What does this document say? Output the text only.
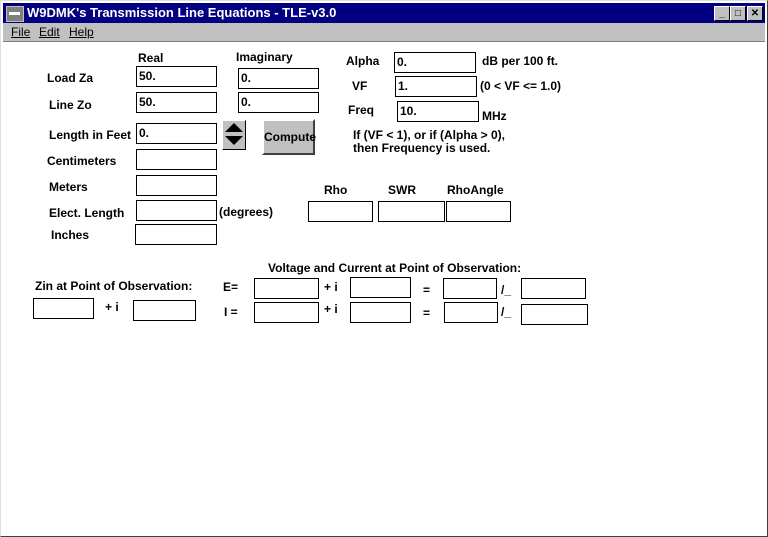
W9DMK's Transmission Line Equations - TLE-v3.0	_	□ ✕
File Edit Help
Real	Imaginary
Load Za	50.	0.
Line Zo	50.	0.
Length in Feet 0.	Compute
Centimeters
Meters
Elect. Length	(degrees)
Inches
Alpha 0.	dB per 100 ft.
VF	1.	(0 < VF <= 1.0)
Freq 10.	MHz
If (VF < 1), or if (Alpha > 0),
then Frequency is used.
Rho	SWR	RhoAngle
Voltage and Current at Point of Observation:
E=	+ i	=	/_
I =	+ i	=	/_
Zin at Point of Observation:
+ i
